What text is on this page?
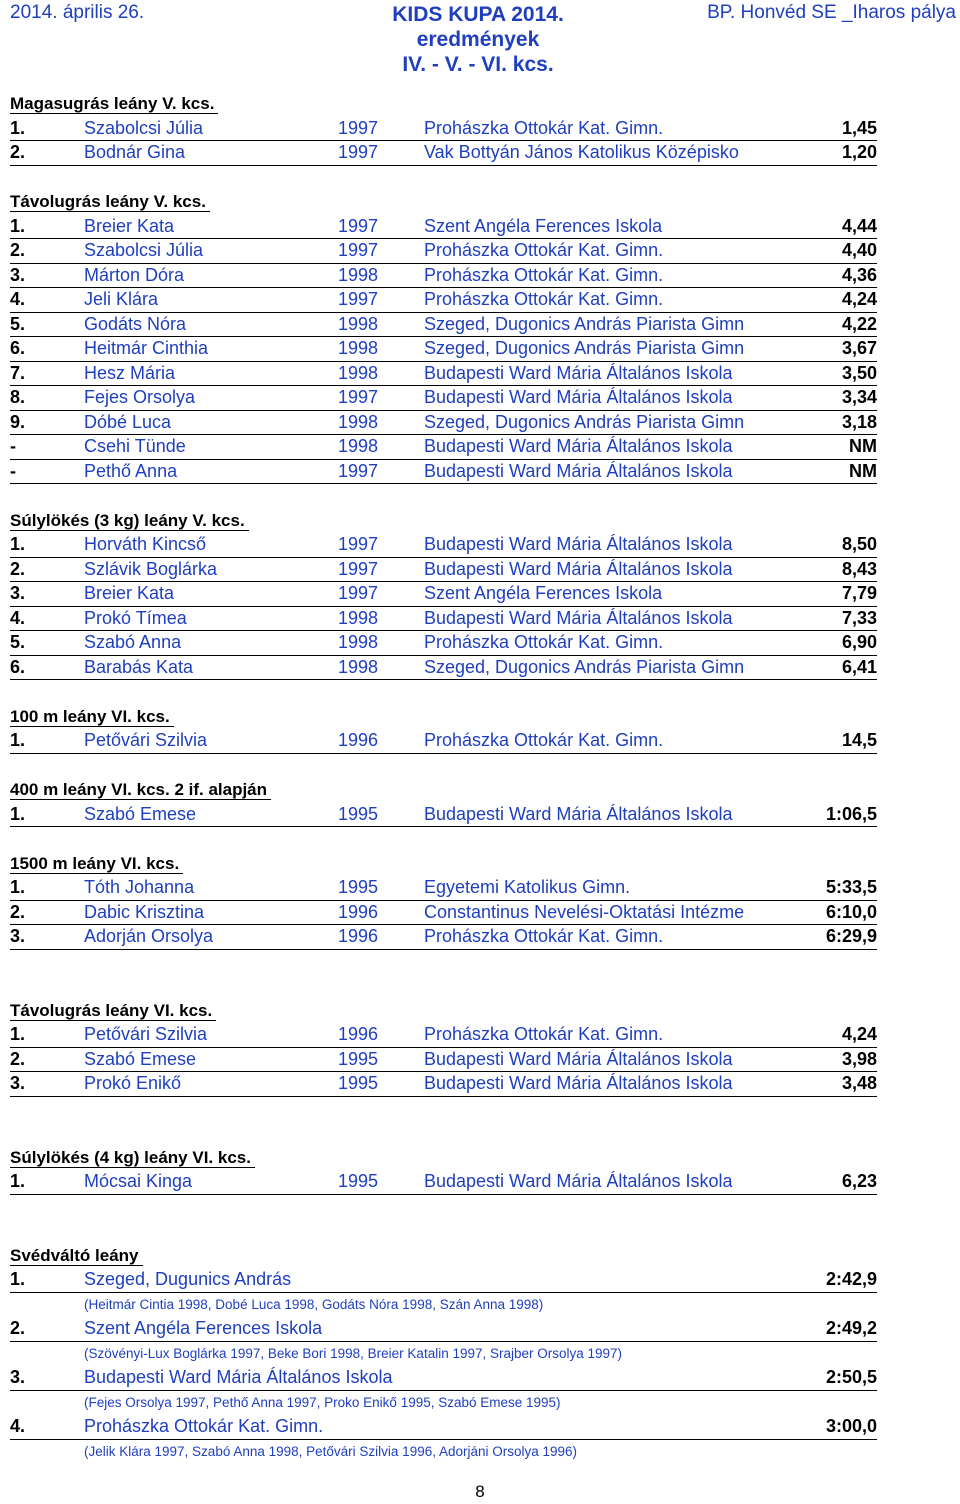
2014. április 26.	KIDS KUPA 2014.
eredmények
IV. - V. - VI. kcs.
BP. Honvéd SE _Iharos pálya
Magasugrás leány V. kcs.
1.	Szabolcsi Júlia	1997	Prohászka Ottokár Kat. Gimn.	1,45
2.	Bodnár Gina	1997	Vak Bottyán János Katolikus Középisko	1,20
Távolugrás leány V. kcs.
1.	Breier Kata	1997	Szent Angéla Ferences Iskola	4,44
2.	Szabolcsi Júlia	1997	Prohászka Ottokár Kat. Gimn.	4,40
3.	Márton Dóra	1998	Prohászka Ottokár Kat. Gimn.	4,36
4.	Jeli Klára	1997	Prohászka Ottokár Kat. Gimn.	4,24
5.	Godáts Nóra	1998	Szeged, Dugonics András Piarista Gimn	4,22
6.	Heitmár Cinthia	1998	Szeged, Dugonics András Piarista Gimn	3,67
7.	Hesz Mária	1998	Budapesti Ward Mária Általános Iskola	3,50
8.	Fejes Orsolya	1997	Budapesti Ward Mária Általános Iskola	3,34
9.	Dóbé Luca	1998	Szeged, Dugonics András Piarista Gimn	3,18
-	Csehi Tünde	1998	Budapesti Ward Mária Általános Iskola	NM
-	Pethő Anna	1997	Budapesti Ward Mária Általános Iskola	NM
Súlylökés (3 kg) leány V. kcs.
1.	Horváth Kincső	1997	Budapesti Ward Mária Általános Iskola	8,50
2.	Szlávik Boglárka	1997	Budapesti Ward Mária Általános Iskola	8,43
3.	Breier Kata	1997	Szent Angéla Ferences Iskola	7,79
4.	Prokó Tímea	1998	Budapesti Ward Mária Általános Iskola	7,33
5.	Szabó Anna	1998	Prohászka Ottokár Kat. Gimn.	6,90
6.	Barabás Kata	1998	Szeged, Dugonics András Piarista Gimn	6,41
100 m leány VI. kcs.
1.	Petővári Szilvia	1996	Prohászka Ottokár Kat. Gimn.	14,5
400 m leány VI. kcs. 2 if. alapján
1.	Szabó Emese	1995	Budapesti Ward Mária Általános Iskola	1:06,5
1500 m leány VI. kcs.
1.	Tóth Johanna	1995	Egyetemi Katolikus Gimn.	5:33,5
2.	Dabic Krisztina	1996	Constantinus Nevelési-Oktatási Intézme	6:10,0
3.	Adorján Orsolya	1996	Prohászka Ottokár Kat. Gimn.	6:29,9
Távolugrás leány VI. kcs.
1.	Petővári Szilvia	1996	Prohászka Ottokár Kat. Gimn.	4,24
2.	Szabó Emese	1995	Budapesti Ward Mária Általános Iskola	3,98
3.	Prokó Enikő	1995	Budapesti Ward Mária Általános Iskola	3,48
Súlylökés (4 kg) leány VI. kcs.
1.	Mócsai Kinga	1995	Budapesti Ward Mária Általános Iskola	6,23
Svédváltó leány
1.	Szeged, Dugunics András	2:42,9
(Heitmár Cintia 1998, Dobé Luca 1998, Godáts Nóra 1998, Szán Anna 1998)
2.	Szent Angéla Ferences Iskola	2:49,2
(Szövényi-Lux Boglárka 1997, Beke Bori 1998, Breier Katalin 1997, Srajber Orsolya 1997)
3.	Budapesti Ward Mária Általános Iskola	2:50,5
(Fejes Orsolya 1997, Pethő Anna 1997, Proko Enikő 1995, Szabó Emese 1995)
4.	Prohászka Ottokár Kat. Gimn.	3:00,0
(Jelik Klára 1997, Szabó Anna 1998, Petővári Szilvia 1996, Adorjáni Orsolya 1996)
8
